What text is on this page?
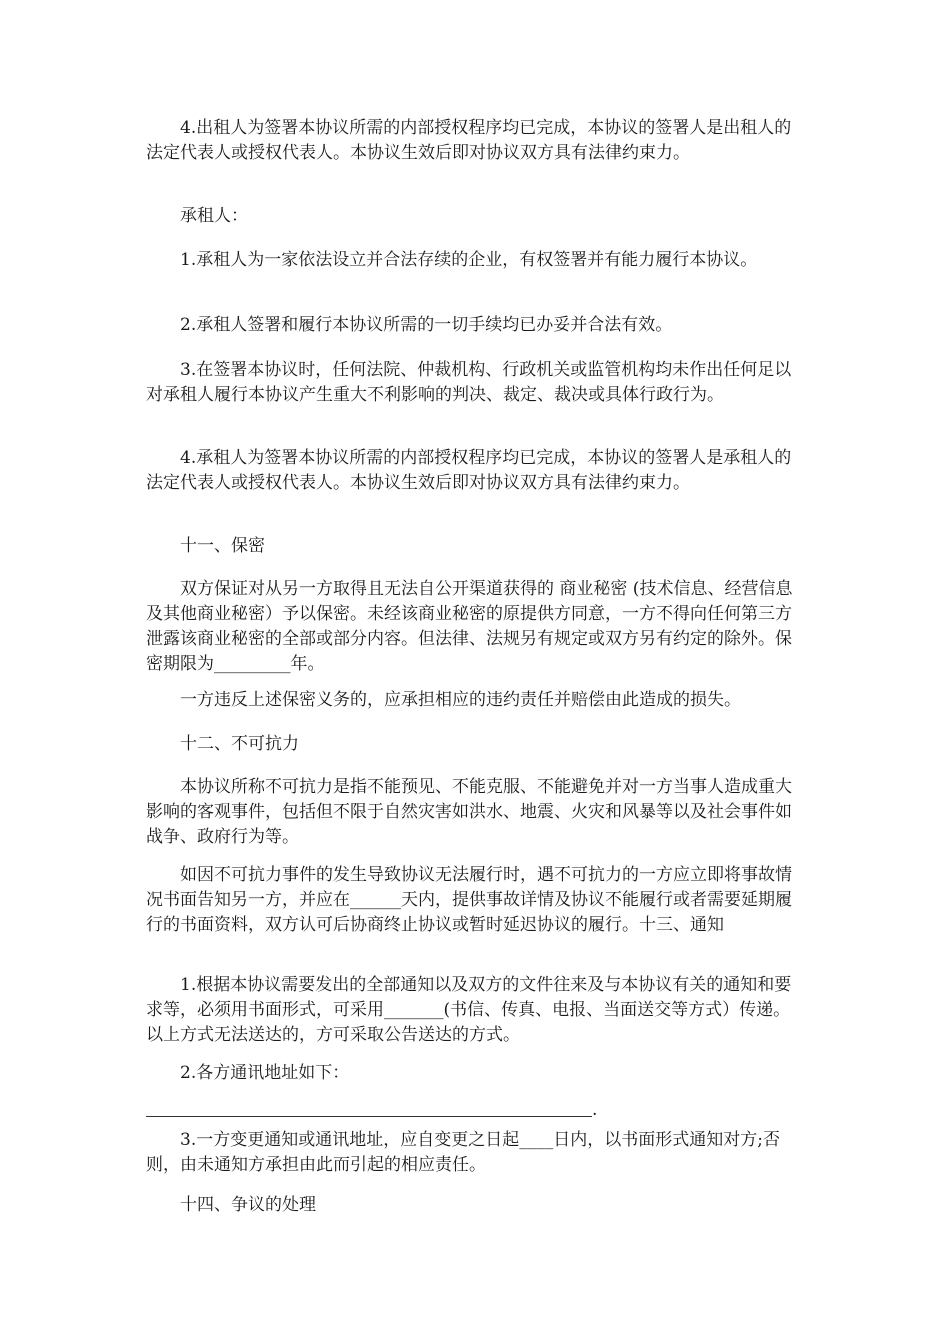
4.出租人为签署本协议所需的内部授权程序均已完成，本协议的签署人是出租人的法定代表人或授权代表人。本协议生效后即对协议双方具有法律约束力。

承租人：

1.承租人为一家依法设立并合法存续的企业，有权签署并有能力履行本协议。

2.承租人签署和履行本协议所需的一切手续均已办妥并合法有效。

3.在签署本协议时，任何法院、仲裁机构、行政机关或监管机构均未作出任何足以对承租人履行本协议产生重大不利影响的判决、裁定、裁决或具体行政行为。

4.承租人为签署本协议所需的内部授权程序均已完成，本协议的签署人是承租人的法定代表人或授权代表人。本协议生效后即对协议双方具有法律约束力。

十一、保密

双方保证对从另一方取得且无法自公开渠道获得的 商业秘密 (技术信息、经营信息及其他商业秘密）予以保密。未经该商业秘密的原提供方同意，一方不得向任何第三方泄露该商业秘密的全部或部分内容。但法律、法规另有规定或双方另有约定的除外。保密期限为_________年。

一方违反上述保密义务的，应承担相应的违约责任并赔偿由此造成的损失。

十二、不可抗力

本协议所称不可抗力是指不能预见、不能克服、不能避免并对一方当事人造成重大影响的客观事件，包括但不限于自然灾害如洪水、地震、火灾和风暴等以及社会事件如战争、政府行为等。

如因不可抗力事件的发生导致协议无法履行时，遇不可抗力的一方应立即将事故情况书面告知另一方，并应在______天内，提供事故详情及协议不能履行或者需要延期履行的书面资料，双方认可后协商终止协议或暂时延迟协议的履行。十三、通知

1.根据本协议需要发出的全部通知以及双方的文件往来及与本协议有关的通知和要求等，必须用书面形式，可采用_______(书信、传真、电报、当面送交等方式）传递。以上方式无法送达的，方可采取公告送达的方式。

2.各方通讯地址如下：

.

3.一方变更通知或通讯地址，应自变更之日起____日内，以书面形式通知对方;否则，由未通知方承担由此而引起的相应责任。

十四、争议的处理
